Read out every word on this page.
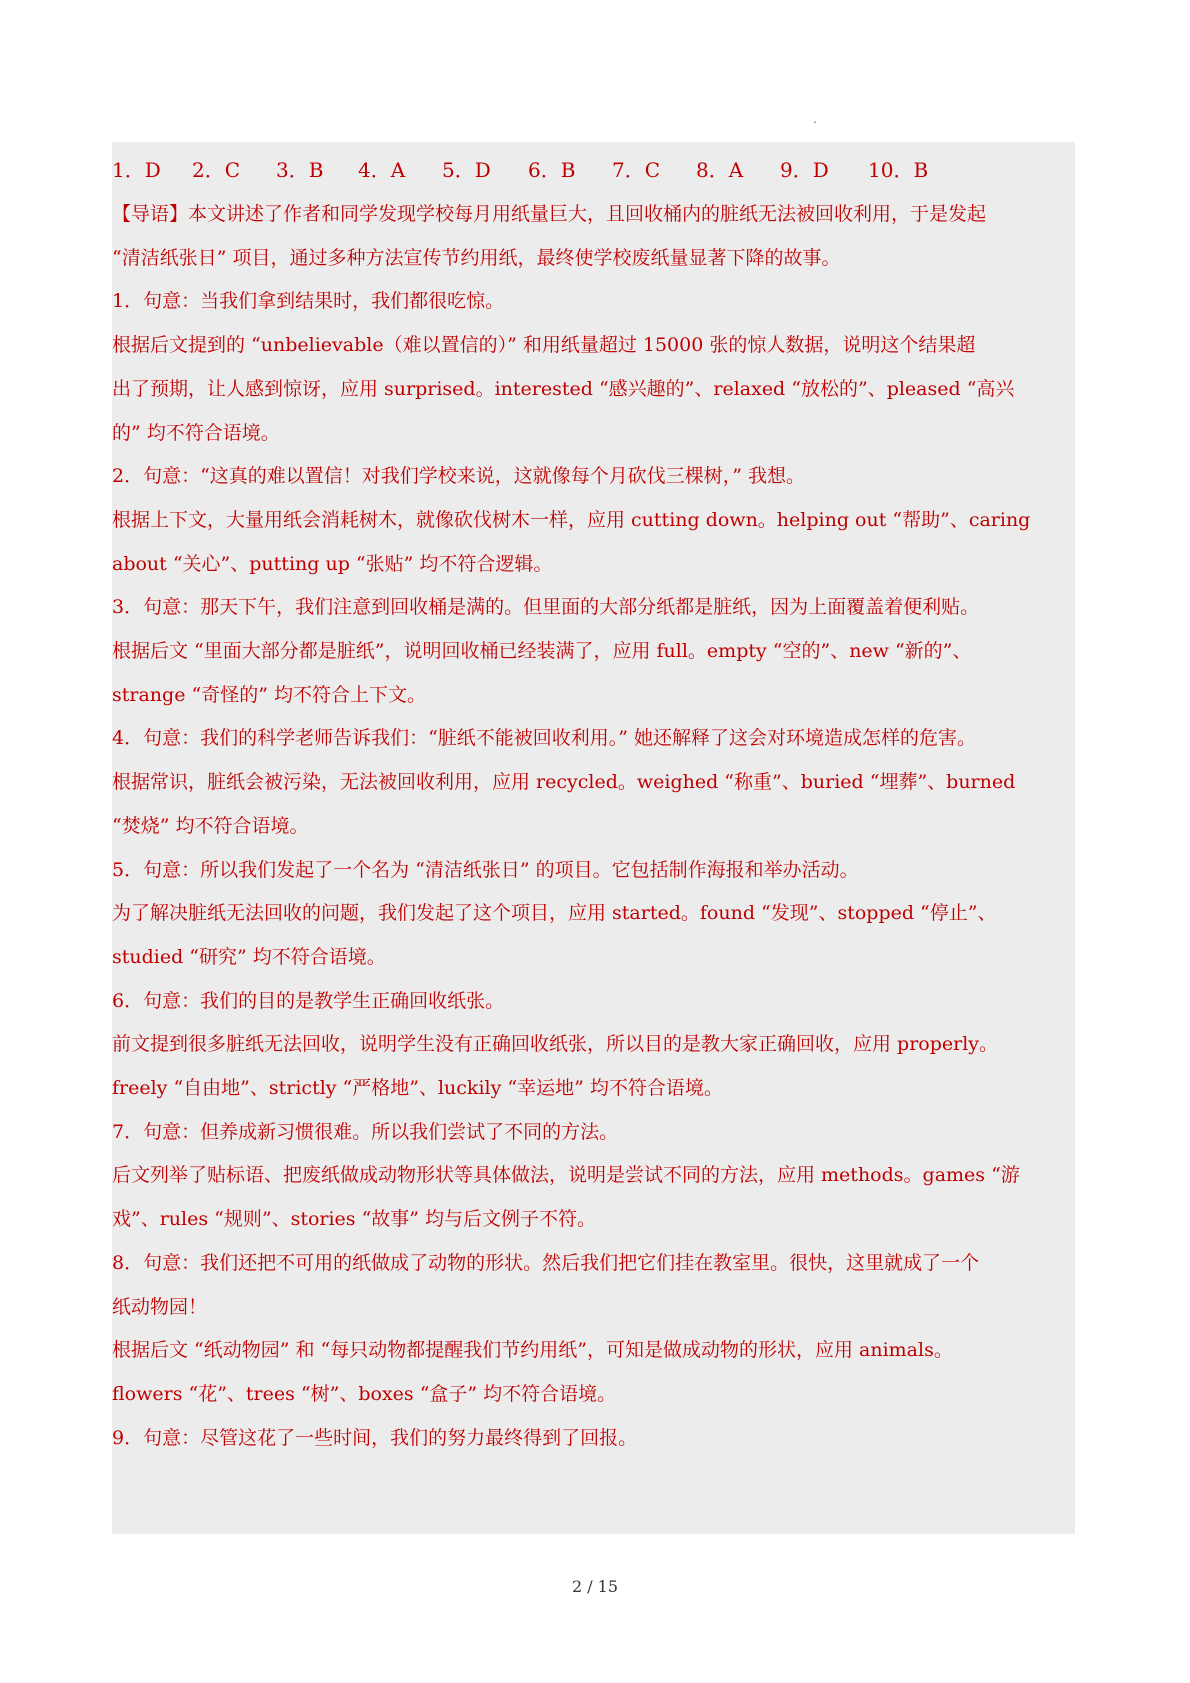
.
1．D	2．C	3．B	4．A	5．D	6．B	7．C	8．A	9．D	10．B
【导语】本文讲述了作者和同学发现学校每月用纸量巨大，且回收桶内的脏纸无法被回收利用，于是发起
“清洁纸张日” 项目，通过多种方法宣传节约用纸，最终使学校废纸量显著下降的故事。
1．句意：当我们拿到结果时，我们都很吃惊。
根据后文提到的 “unbelievable（难以置信的）” 和用纸量超过 15000 张的惊人数据，说明这个结果超
出了预期，让人感到惊讶，应用 surprised。interested “感兴趣的”、relaxed “放松的”、pleased “高兴
的” 均不符合语境。
2．句意：“这真的难以置信！对我们学校来说，这就像每个月砍伐三棵树，” 我想。
根据上下文，大量用纸会消耗树木，就像砍伐树木一样，应用 cutting down。helping out “帮助”、caring
about “关心”、putting up “张贴” 均不符合逻辑。
3．句意：那天下午，我们注意到回收桶是满的。但里面的大部分纸都是脏纸，因为上面覆盖着便利贴。
根据后文 “里面大部分都是脏纸”，说明回收桶已经装满了，应用 full。empty “空的”、new “新的”、
strange “奇怪的” 均不符合上下文。
4．句意：我们的科学老师告诉我们：“脏纸不能被回收利用。” 她还解释了这会对环境造成怎样的危害。
根据常识，脏纸会被污染，无法被回收利用，应用 recycled。weighed “称重”、buried “埋葬”、burned
“焚烧” 均不符合语境。
5．句意：所以我们发起了一个名为 “清洁纸张日” 的项目。它包括制作海报和举办活动。
为了解决脏纸无法回收的问题，我们发起了这个项目，应用 started。found “发现”、stopped “停止”、
studied “研究” 均不符合语境。
6．句意：我们的目的是教学生正确回收纸张。
前文提到很多脏纸无法回收，说明学生没有正确回收纸张，所以目的是教大家正确回收，应用 properly。
freely “自由地”、strictly “严格地”、luckily “幸运地” 均不符合语境。
7．句意：但养成新习惯很难。所以我们尝试了不同的方法。
后文列举了贴标语、把废纸做成动物形状等具体做法，说明是尝试不同的方法，应用 methods。games “游
戏”、rules “规则”、stories “故事” 均与后文例子不符。
8．句意：我们还把不可用的纸做成了动物的形状。然后我们把它们挂在教室里。很快，这里就成了一个
纸动物园！
根据后文 “纸动物园” 和 “每只动物都提醒我们节约用纸”，可知是做成动物的形状，应用 animals。
flowers “花”、trees “树”、boxes “盒子” 均不符合语境。
9．句意：尽管这花了一些时间，我们的努力最终得到了回报。
2 / 15
